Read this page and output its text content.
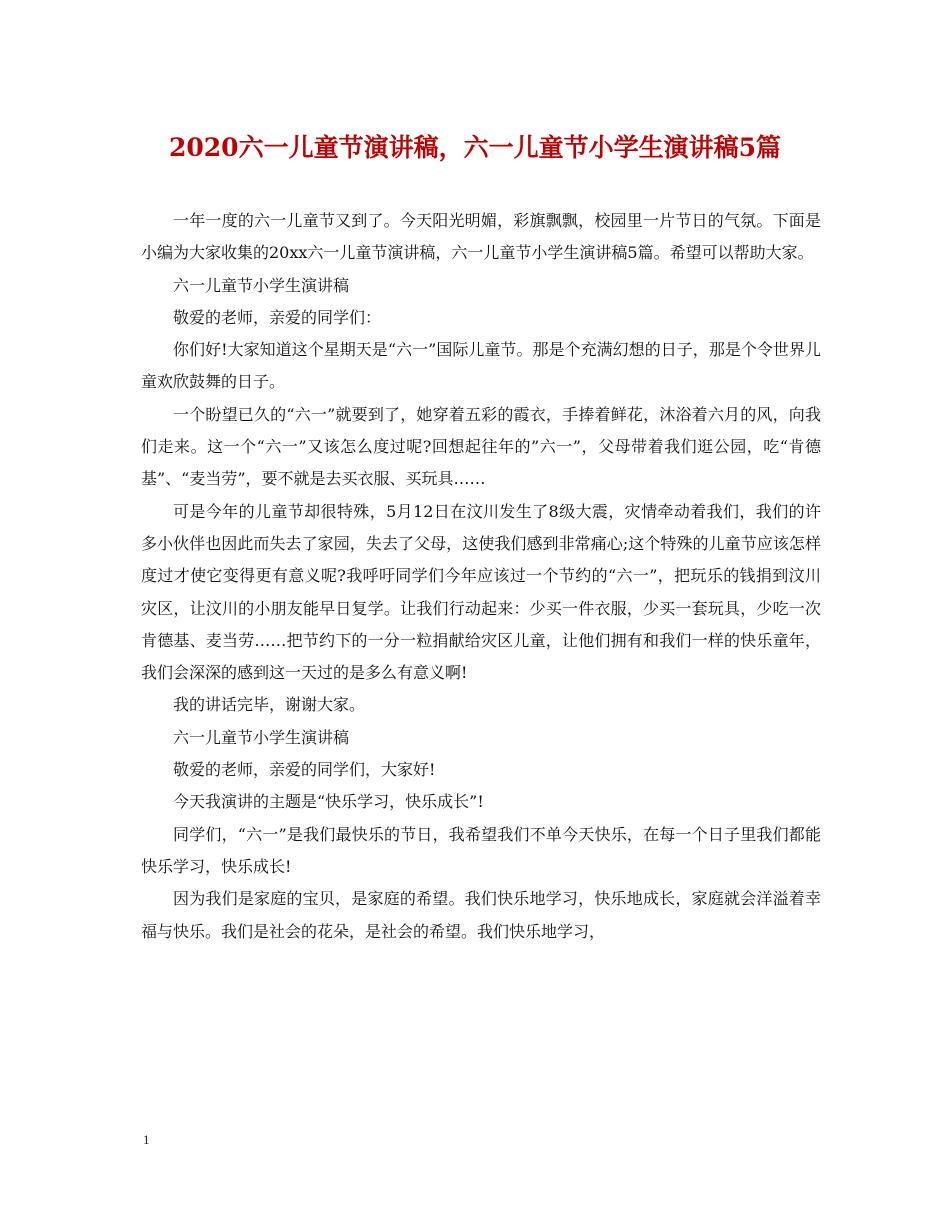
2020六一儿童节演讲稿，六一儿童节小学生演讲稿5篇

一年一度的六一儿童节又到了。今天阳光明媚，彩旗飘飘，校园里一片节日的气氛。下面是小编为大家收集的20xx六一儿童节演讲稿，六一儿童节小学生演讲稿5篇。希望可以帮助大家。

六一儿童节小学生演讲稿

敬爱的老师，亲爱的同学们：

你们好!大家知道这个星期天是“六一”国际儿童节。那是个充满幻想的日子，那是个令世界儿童欢欣鼓舞的日子。

一个盼望已久的“六一”就要到了，她穿着五彩的霞衣，手捧着鲜花，沐浴着六月的风，向我们走来。这一个“六一”又该怎么度过呢?回想起往年的”六一”，父母带着我们逛公园，吃“肯德基”、“麦当劳”，要不就是去买衣服、买玩具……

可是今年的儿童节却很特殊，5月12日在汶川发生了8级大震，灾情牵动着我们，我们的许多小伙伴也因此而失去了家园，失去了父母，这使我们感到非常痛心;这个特殊的儿童节应该怎样度过才使它变得更有意义呢?我呼吁同学们今年应该过一个节约的“六一”，把玩乐的钱捐到汶川灾区，让汶川的小朋友能早日复学。让我们行动起来：少买一件衣服，少买一套玩具，少吃一次肯德基、麦当劳……把节约下的一分一粒捐献给灾区儿童，让他们拥有和我们一样的快乐童年，我们会深深的感到这一天过的是多么有意义啊!

我的讲话完毕，谢谢大家。

六一儿童节小学生演讲稿

敬爱的老师，亲爱的同学们，大家好!

今天我演讲的主题是“快乐学习，快乐成长”!

同学们，“六一”是我们最快乐的节日，我希望我们不单今天快乐，在每一个日子里我们都能快乐学习，快乐成长!

因为我们是家庭的宝贝，是家庭的希望。我们快乐地学习，快乐地成长，家庭就会洋溢着幸福与快乐。我们是社会的花朵，是社会的希望。我们快乐地学习，

1
